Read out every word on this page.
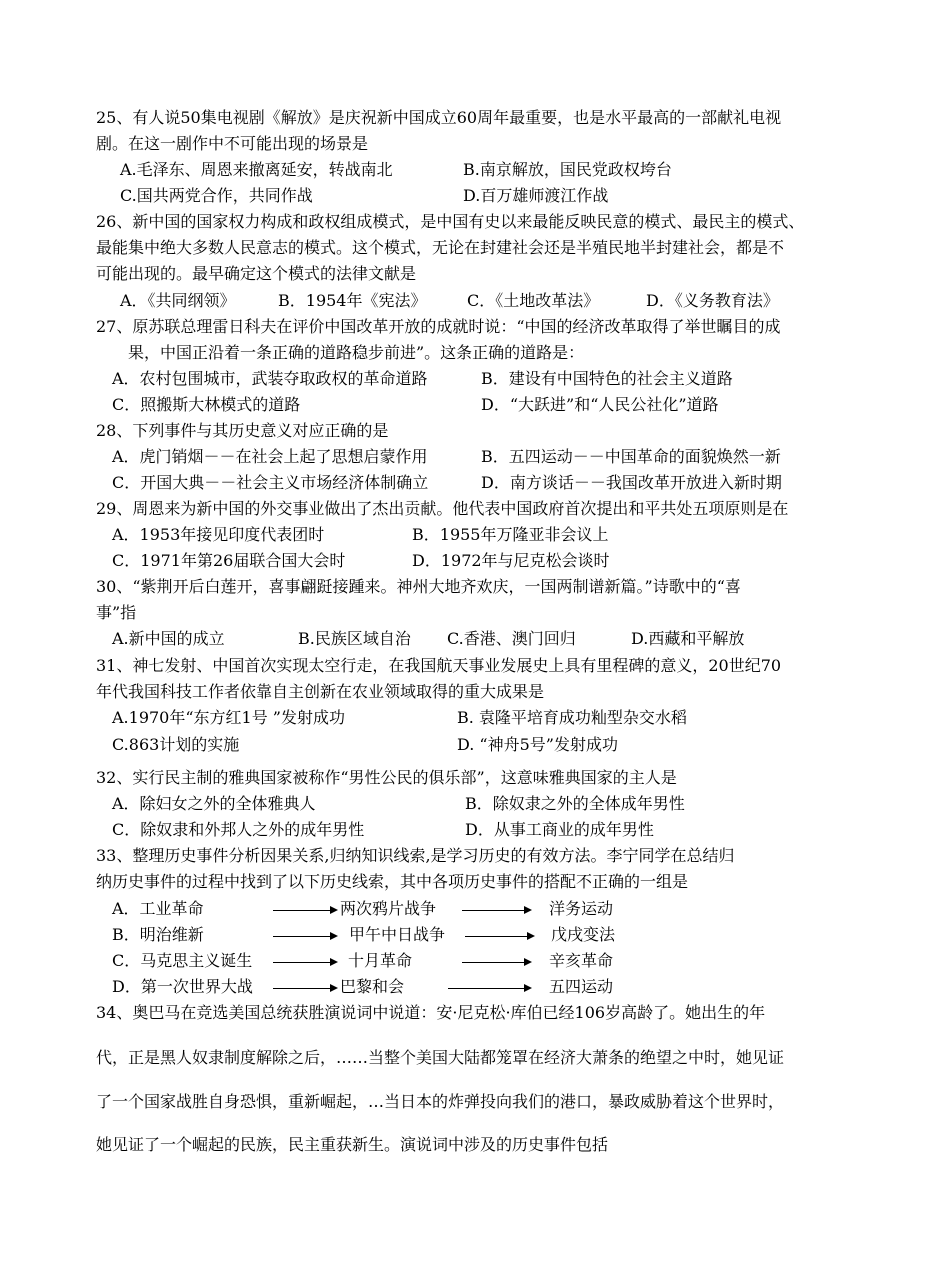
25、有人说50集电视剧《解放》是庆祝新中国成立60周年最重要，也是水平最高的一部献礼电视
剧。在这一剧作中不可能出现的场景是
A.毛泽东、周恩来撤离延安，转战南北	B.南京解放，国民党政权垮台
C.国共两党合作，共同作战	D.百万雄师渡江作战
26、新中国的国家权力构成和政权组成模式，是中国有史以来最能反映民意的模式、最民主的模式、
最能集中绝大多数人民意志的模式。这个模式，无论在封建社会还是半殖民地半封建社会，都是不
可能出现的。最早确定这个模式的法律文献是
A．《共同纲领》	B．1954年《宪法》	C．《土地改革法》	D．《义务教育法》
27、原苏联总理雷日科夫在评价中国改革开放的成就时说：“中国的经济改革取得了举世瞩目的成
果，中国正沿着一条正确的道路稳步前进”。这条正确的道路是：
A．农村包围城市，武装夺取政权的革命道路	B．建设有中国特色的社会主义道路
C．照搬斯大林模式的道路	D．“大跃进”和“人民公社化”道路
28、下列事件与其历史意义对应正确的是
A．虎门销烟－－在社会上起了思想启蒙作用	B．五四运动－－中国革命的面貌焕然一新
C．开国大典－－社会主义市场经济体制确立	D．南方谈话－－我国改革开放进入新时期
29、周恩来为新中国的外交事业做出了杰出贡献。他代表中国政府首次提出和平共处五项原则是在
A．1953年接见印度代表团时	B．1955年万隆亚非会议上
C．1971年第26届联合国大会时	D．1972年与尼克松会谈时
30、“紫荆开后白莲开，喜事翩跹接踵来。神州大地齐欢庆，一国两制谱新篇。”诗歌中的“喜
事”指
A.新中国的成立	B.民族区域自治 C.香港、澳门回归	D.西藏和平解放
31、神七发射、中国首次实现太空行走，在我国航天事业发展史上具有里程碑的意义，20世纪70
年代我国科技工作者依靠自主创新在农业领域取得的重大成果是
A.1970年“东方红1号 ”发射成功	B. 袁隆平培育成功籼型杂交水稻
C.863计划的实施	D. “神舟5号”发射成功
32、实行民主制的雅典国家被称作“男性公民的俱乐部”，这意味雅典国家的主人是
A．除妇女之外的全体雅典人	B．除奴隶之外的全体成年男性
C．除奴隶和外邦人之外的成年男性	D．从事工商业的成年男性
33、整理历史事件分析因果关系,归纳知识线索,是学习历史的有效方法。李宁同学在总结归
纳历史事件的过程中找到了以下历史线索，其中各项历史事件的搭配不正确的一组是
A．工业革命	两次鸦片战争	洋务运动
B．明治维新	甲午中日战争	戊戌变法
C．马克思主义诞生	十月革命	辛亥革命
D．第一次世界大战	巴黎和会	五四运动
34、奥巴马在竞选美国总统获胜演说词中说道：安·尼克松·库伯已经106岁高龄了。她出生的年
代，正是黑人奴隶制度解除之后，……当整个美国大陆都笼罩在经济大萧条的绝望之中时，她见证
了一个国家战胜自身恐惧，重新崛起，…当日本的炸弹投向我们的港口，暴政威胁着这个世界时，
她见证了一个崛起的民族，民主重获新生。演说词中涉及的历史事件包括
